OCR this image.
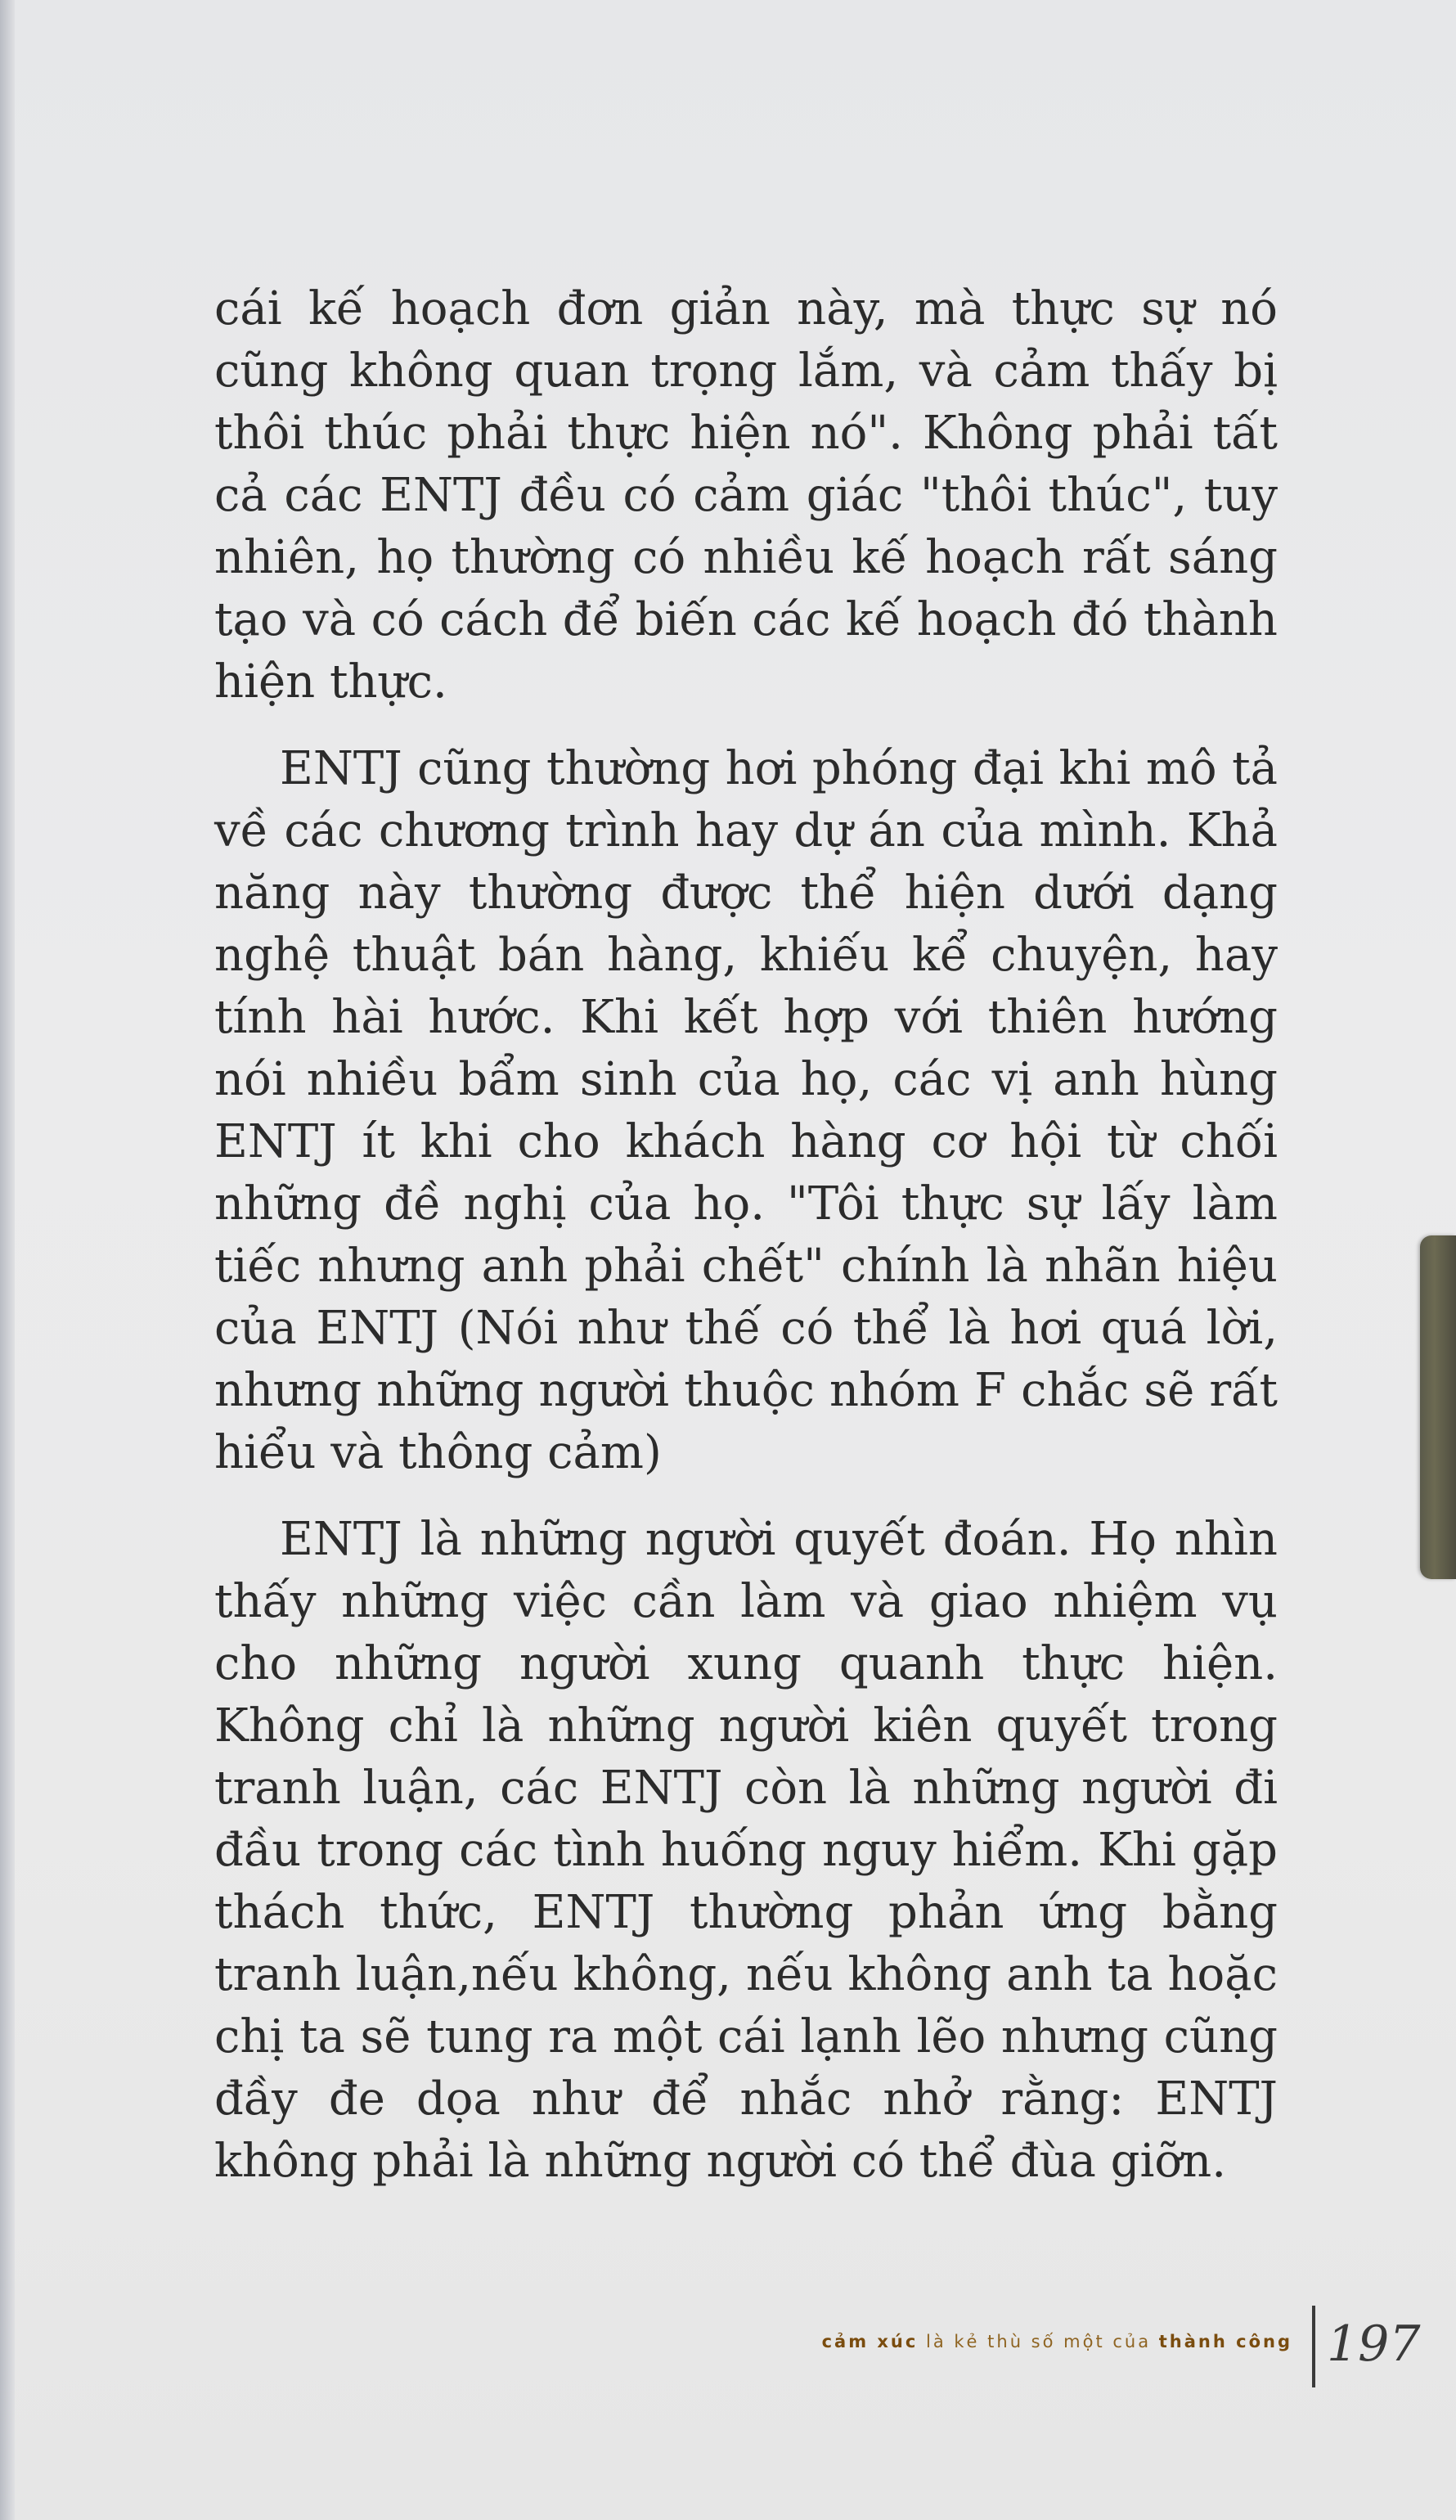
cái kế hoạch đơn giản này, mà thực sự nó cũng không quan trọng lắm, và cảm thấy bị thôi thúc phải thực hiện nó". Không phải tất cả các ENTJ đều có cảm giác "thôi thúc", tuy nhiên, họ thường có nhiều kế hoạch rất sáng tạo và có cách để biến các kế hoạch đó thành hiện thực.

ENTJ cũng thường hơi phóng đại khi mô tả về các chương trình hay dự án của mình. Khả năng này thường được thể hiện dưới dạng nghệ thuật bán hàng, khiếu kể chuyện, hay tính hài hước. Khi kết hợp với thiên hướng nói nhiều bẩm sinh của họ, các vị anh hùng ENTJ ít khi cho khách hàng cơ hội từ chối những đề nghị của họ. "Tôi thực sự lấy làm tiếc nhưng anh phải chết" chính là nhãn hiệu của ENTJ (Nói như thế có thể là hơi quá lời, nhưng những người thuộc nhóm F chắc sẽ rất hiểu và thông cảm)

ENTJ là những người quyết đoán. Họ nhìn thấy những việc cần làm và giao nhiệm vụ cho những người xung quanh thực hiện. Không chỉ là những người kiên quyết trong tranh luận, các ENTJ còn là những người đi đầu trong các tình huống nguy hiểm. Khi gặp thách thức, ENTJ thường phản ứng bằng tranh luận,nếu không, nếu không anh ta hoặc chị ta sẽ tung ra một cái lạnh lẽo nhưng cũng đầy đe dọa như để nhắc nhở rằng: ENTJ không phải là những người có thể đùa giỡn.

cảm xúc là kẻ thù số một của thành công 197
